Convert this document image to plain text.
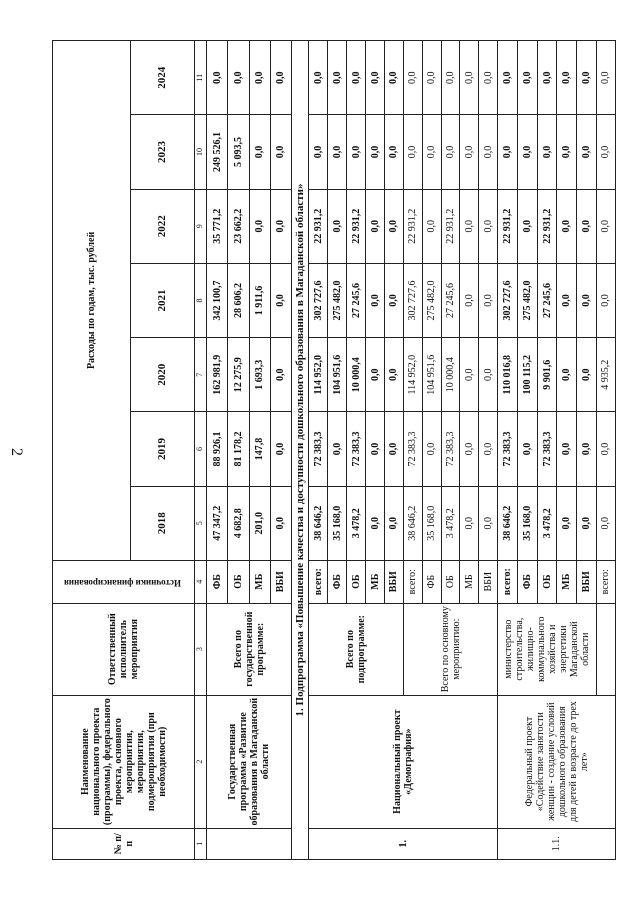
2
№ п/п	Наименование национального проекта (программы), федерального проекта, основного мероприятия, мероприятия, подмероприятия (при необходимости)	Ответственный исполнитель мероприятия	Источники финансирования	Расходы по годам, тыс. рублей						
				2018	2019	2020	2021	2022	2023	2024
1	2	3	4	5	6	7	8	9	10	11
	Государственная программа «Развитие образования в Магаданской области	Всего по государственной программе:	ФБ	47 347,2	88 926,1	162 981,9	342 100,7	35 771,2	249 526,1	0,0
			ОБ	4 682,8	81 178,2	12 275,9	28 606,2	23 662,2	5 093,5	0,0
			МБ	201,0	147,8	1 693,3	1 911,6	0,0	0,0	0,0
			ВБИ	0,0	0,0	0,0	0,0	0,0	0,0	0,0
1. Подпрограмма «Повышение качества и доступности дошкольного образования в Магаданской области»										
1.	Национальный проект «Демография»	Всего по подпрограмме:	всего:	38 646,2	72 383,3	114 952,0	302 727,6	22 931,2	0,0	0,0
			ФБ	35 168,0	0,0	104 951,6	275 482,0	0,0	0,0	0,0
			ОБ	3 478,2	72 383,3	10 000,4	27 245,6	22 931,2	0,0	0,0
			МБ	0,0	0,0	0,0	0,0	0,0	0,0	0,0
			ВБИ	0,0	0,0	0,0	0,0	0,0	0,0	0,0
		Всего по основному мероприятию:	всего:	38 646,2	72 383,3	114 952,0	302 727,6	22 931,2	0,0	0,0
			ФБ	35 168,0	0,0	104 951,6	275 482,0	0,0	0,0	0,0
			ОБ	3 478,2	72 383,3	10 000,4	27 245,6	22 931,2	0,0	0,0
			МБ	0,0	0,0	0,0	0,0	0,0	0,0	0,0
			ВБИ	0,0	0,0	0,0	0,0	0,0	0,0	0,0
1.1.	Федеральный проект «Содействие занятости женщин - создание условий дошкольного образования для детей в возрасте до трех лет»	министерство строительства, жилищно-коммунального хозяйства и энергетики Магаданской области	всего:	38 646,2	72 383,3	110 016,8	302 727,6	22 931,2	0,0	0,0
			ФБ	35 168,0	0,0	100 115,2	275 482,0	0,0	0,0	0,0
			ОБ	3 478,2	72 383,3	9 901,6	27 245,6	22 931,2	0,0	0,0
			МБ	0,0	0,0	0,0	0,0	0,0	0,0	0,0
			ВБИ	0,0	0,0	0,0	0,0	0,0	0,0	0,0
			всего:	0,0	0,0	4 935,2	0,0	0,0	0,0	0,0
